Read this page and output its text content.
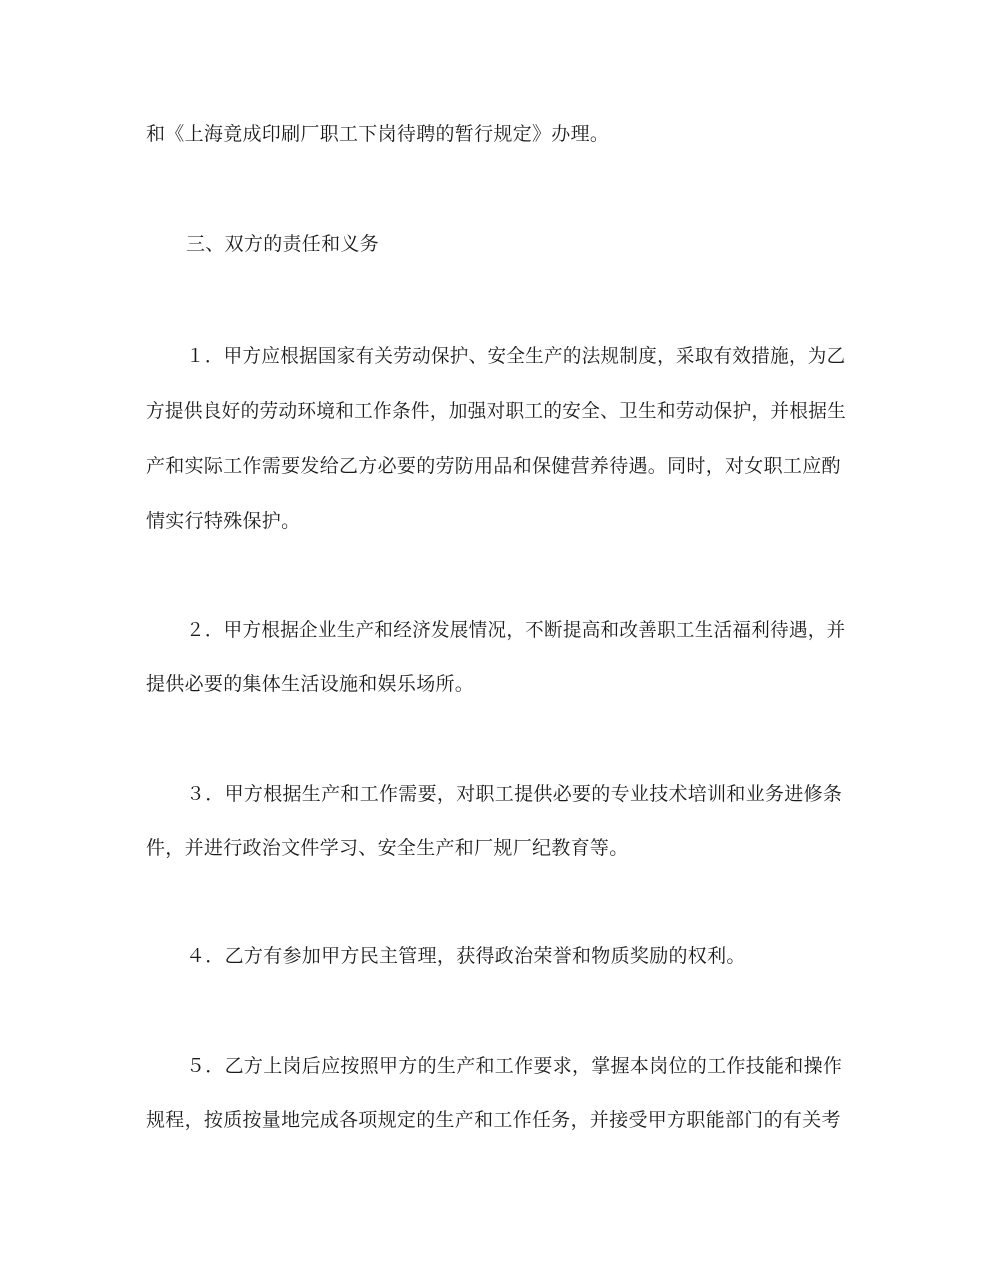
和《上海竟成印刷厂职工下岗待聘的暂行规定》办理。
三、双方的责任和义务
１．甲方应根据国家有关劳动保护、安全生产的法规制度，采取有效措施，为乙
方提供良好的劳动环境和工作条件，加强对职工的安全、卫生和劳动保护，并根据生
产和实际工作需要发给乙方必要的劳防用品和保健营养待遇。同时，对女职工应酌
情实行特殊保护。
２．甲方根据企业生产和经济发展情况，不断提高和改善职工生活福利待遇，并
提供必要的集体生活设施和娱乐场所。
３．甲方根据生产和工作需要，对职工提供必要的专业技术培训和业务进修条
件，并进行政治文件学习、安全生产和厂规厂纪教育等。
４．乙方有参加甲方民主管理，获得政治荣誉和物质奖励的权利。
５．乙方上岗后应按照甲方的生产和工作要求，掌握本岗位的工作技能和操作
规程，按质按量地完成各项规定的生产和工作任务，并接受甲方职能部门的有关考
